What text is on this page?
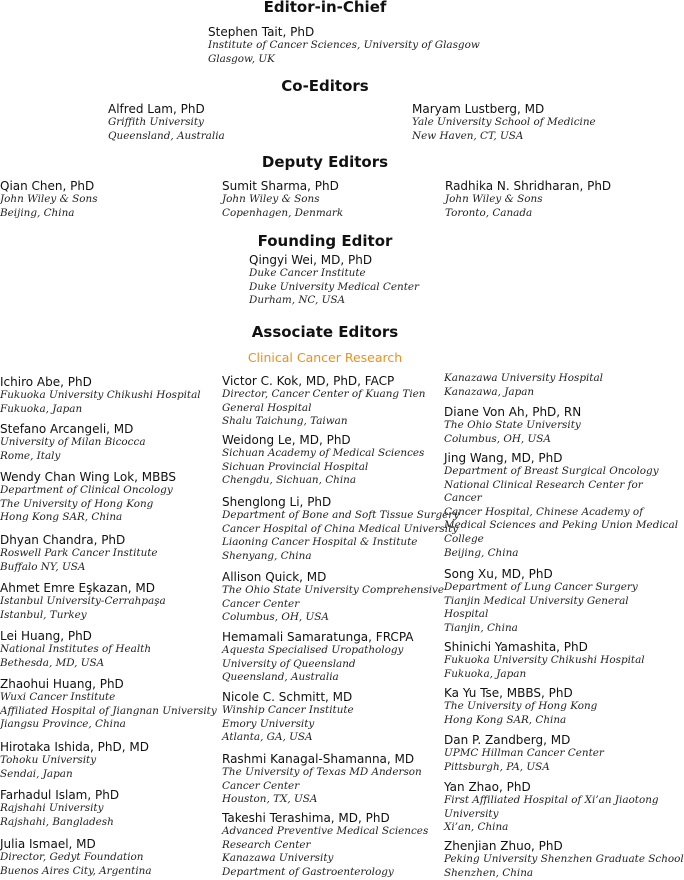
Editor-in-Chief
Co-Editors
Deputy Editors
Founding Editor
Associate Editors
Clinical Cancer Research
Stephen Tait, PhD
Institute of Cancer Sciences, University of Glasgow
Glasgow, UK
Alfred Lam, PhD
Griffith University
Queensland, Australia
Maryam Lustberg, MD
Yale University School of Medicine
New Haven, CT, USA
Qian Chen, PhD
John Wiley & Sons
Beijing, China
Sumit Sharma, PhD
John Wiley & Sons
Copenhagen, Denmark
Radhika N. Shridharan, PhD
John Wiley & Sons
Toronto, Canada
Qingyi Wei, MD, PhD
Duke Cancer Institute
Duke University Medical Center
Durham, NC, USA
Ichiro Abe, PhD
Fukuoka University Chikushi Hospital
Fukuoka, Japan
Stefano Arcangeli, MD
University of Milan Bicocca
Rome, Italy
Wendy Chan Wing Lok, MBBS
Department of Clinical Oncology
The University of Hong Kong
Hong Kong SAR, China
Dhyan Chandra, PhD
Roswell Park Cancer Institute
Buffalo NY, USA
Ahmet Emre Eşkazan, MD
Istanbul University-Cerrahpaşa
Istanbul, Turkey
Lei Huang, PhD
National Institutes of Health
Bethesda, MD, USA
Zhaohui Huang, PhD
Wuxi Cancer Institute
Affiliated Hospital of Jiangnan University
Jiangsu Province, China
Hirotaka Ishida, PhD, MD
Tohoku University
Sendai, Japan
Farhadul Islam, PhD
Rajshahi University
Rajshahi, Bangladesh
Julia Ismael, MD
Director, Gedyt Foundation
Buenos Aires City, Argentina
Victor C. Kok, MD, PhD, FACP
Director, Cancer Center of Kuang Tien
General Hospital
Shalu Taichung, Taiwan
Weidong Le, MD, PhD
Sichuan Academy of Medical Sciences
Sichuan Provincial Hospital
Chengdu, Sichuan, China
Shenglong Li, PhD
Department of Bone and Soft Tissue Surgery
Cancer Hospital of China Medical University
Liaoning Cancer Hospital & Institute
Shenyang, China
Allison Quick, MD
The Ohio State University Comprehensive
Cancer Center
Columbus, OH, USA
Hemamali Samaratunga, FRCPA
Aquesta Specialised Uropathology
University of Queensland
Queensland, Australia
Nicole C. Schmitt, MD
Winship Cancer Institute
Emory University
Atlanta, GA, USA
Rashmi Kanagal-Shamanna, MD
The University of Texas MD Anderson
Cancer Center
Houston, TX, USA
Takeshi Terashima, MD, PhD
Advanced Preventive Medical Sciences
Research Center
Kanazawa University
Department of Gastroenterology
Kanazawa University Hospital
Kanazawa, Japan
Diane Von Ah, PhD, RN
The Ohio State University
Columbus, OH, USA
Jing Wang, MD, PhD
Department of Breast Surgical Oncology
National Clinical Research Center for
Cancer
Cancer Hospital, Chinese Academy of
Medical Sciences and Peking Union Medical
College
Beijing, China
Song Xu, MD, PhD
Department of Lung Cancer Surgery
Tianjin Medical University General
Hospital
Tianjin, China
Shinichi Yamashita, PhD
Fukuoka University Chikushi Hospital
Fukuoka, Japan
Ka Yu Tse, MBBS, PhD
The University of Hong Kong
Hong Kong SAR, China
Dan P. Zandberg, MD
UPMC Hillman Cancer Center
Pittsburgh, PA, USA
Yan Zhao, PhD
First Affiliated Hospital of Xi’an Jiaotong
University
Xi’an, China
Zhenjian Zhuo, PhD
Peking University Shenzhen Graduate School
Shenzhen, China
